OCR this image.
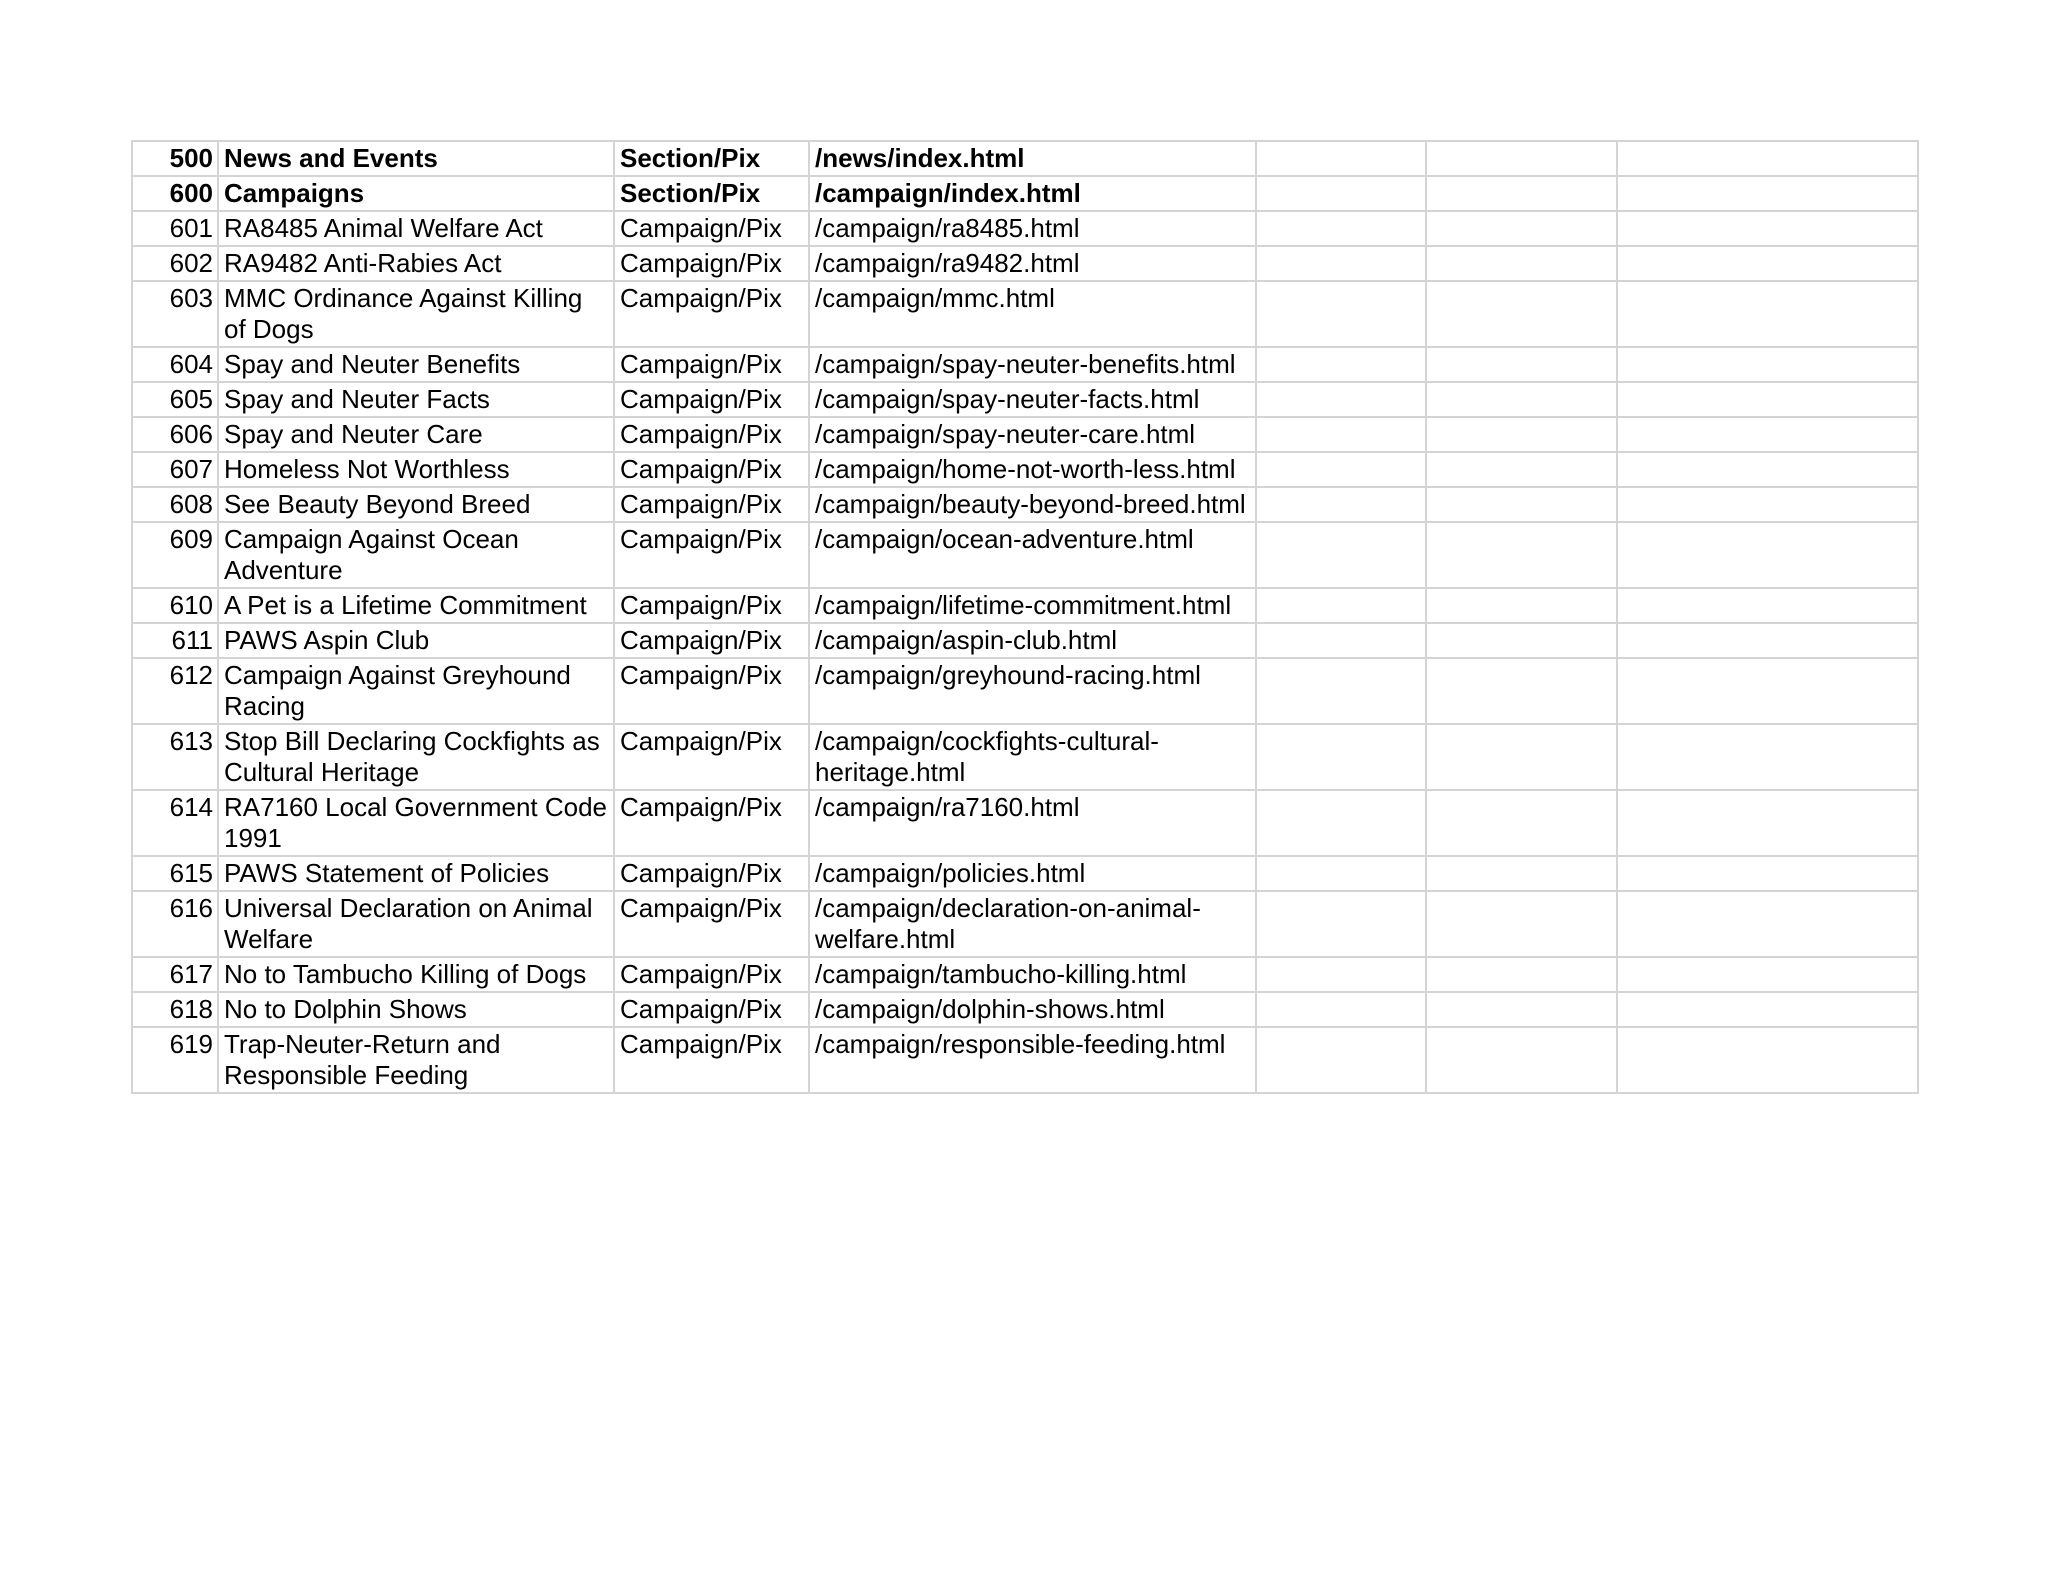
500	News and Events	Section/Pix	/news/index.html			
600	Campaigns	Section/Pix	/campaign/index.html			
601	RA8485 Animal Welfare Act	Campaign/Pix	/campaign/ra8485.html			
602	RA9482 Anti-Rabies Act	Campaign/Pix	/campaign/ra9482.html			
603	MMC Ordinance Against Killing of Dogs	Campaign/Pix	/campaign/mmc.html			
604	Spay and Neuter Benefits	Campaign/Pix	/campaign/spay-neuter-benefits.html			
605	Spay and Neuter Facts	Campaign/Pix	/campaign/spay-neuter-facts.html			
606	Spay and Neuter Care	Campaign/Pix	/campaign/spay-neuter-care.html			
607	Homeless Not Worthless	Campaign/Pix	/campaign/home-not-worth-less.html			
608	See Beauty Beyond Breed	Campaign/Pix	/campaign/beauty-beyond-breed.html			
609	Campaign Against Ocean Adventure	Campaign/Pix	/campaign/ocean-adventure.html			
610	A Pet is a Lifetime Commitment	Campaign/Pix	/campaign/lifetime-commitment.html			
611	PAWS Aspin Club	Campaign/Pix	/campaign/aspin-club.html			
612	Campaign Against Greyhound Racing	Campaign/Pix	/campaign/greyhound-racing.html			
613	Stop Bill Declaring Cockfights as Cultural Heritage	Campaign/Pix	/campaign/cockfights-cultural-heritage.html			
614	RA7160 Local Government Code 1991	Campaign/Pix	/campaign/ra7160.html			
615	PAWS Statement of Policies	Campaign/Pix	/campaign/policies.html			
616	Universal Declaration on Animal Welfare	Campaign/Pix	/campaign/declaration-on-animal-welfare.html			
617	No to Tambucho Killing of Dogs	Campaign/Pix	/campaign/tambucho-killing.html			
618	No to Dolphin Shows	Campaign/Pix	/campaign/dolphin-shows.html			
619	Trap-Neuter-Return and Responsible Feeding	Campaign/Pix	/campaign/responsible-feeding.html			
